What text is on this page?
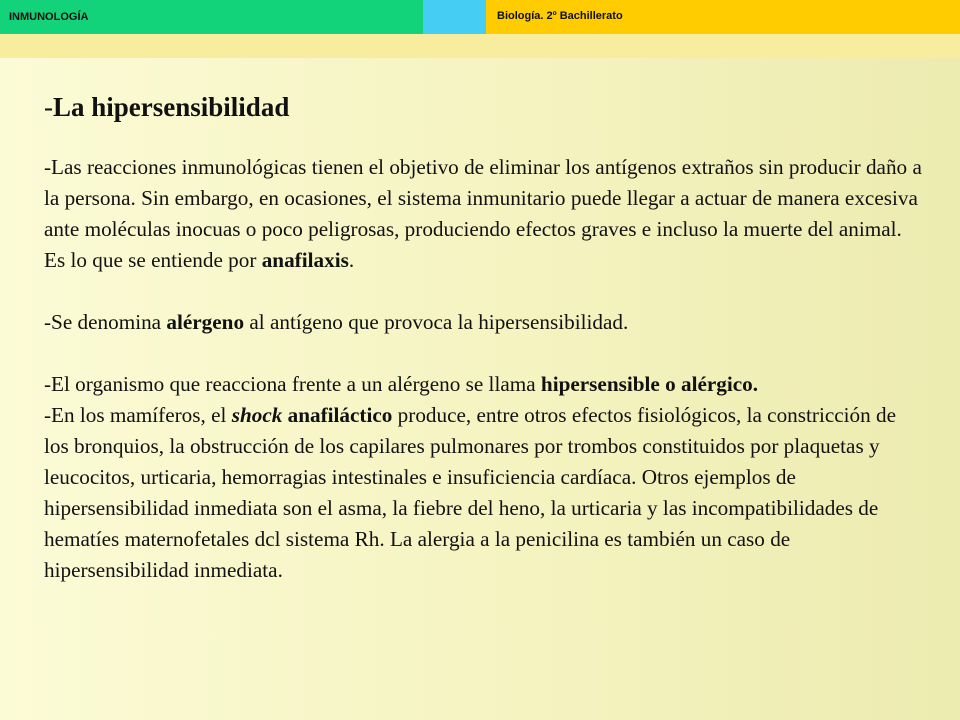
INMUNOLOGÍA	Biología. 2º Bachillerato
-La hipersensibilidad

-Las reacciones inmunológicas tienen el objetivo de eliminar los antígenos extraños sin producir daño a la persona. Sin embargo, en ocasiones, el sistema inmunitario puede llegar a actuar de manera excesiva ante moléculas inocuas o poco peligrosas, produciendo efectos graves e incluso la muerte del animal. Es lo que se entiende por anafilaxis.

-Se denomina alérgeno al antígeno que provoca la hipersensibilidad.

-El organismo que reacciona frente a un alérgeno se llama hipersensible o alérgico.

-En los mamíferos, el shock anafiláctico produce, entre otros efectos fisiológicos, la constricción de los bronquios, la obstrucción de los capilares pulmonares por trombos constituidos por plaquetas y leucocitos, urticaria, hemorragias intestinales e insuficiencia cardíaca. Otros ejemplos de hipersensibilidad inmediata son el asma, la fiebre del heno, la urticaria y las incompatibilidades de hematíes maternofetales dcl sistema Rh. La alergia a la penicilina es también un caso de hipersensibilidad inmediata.
